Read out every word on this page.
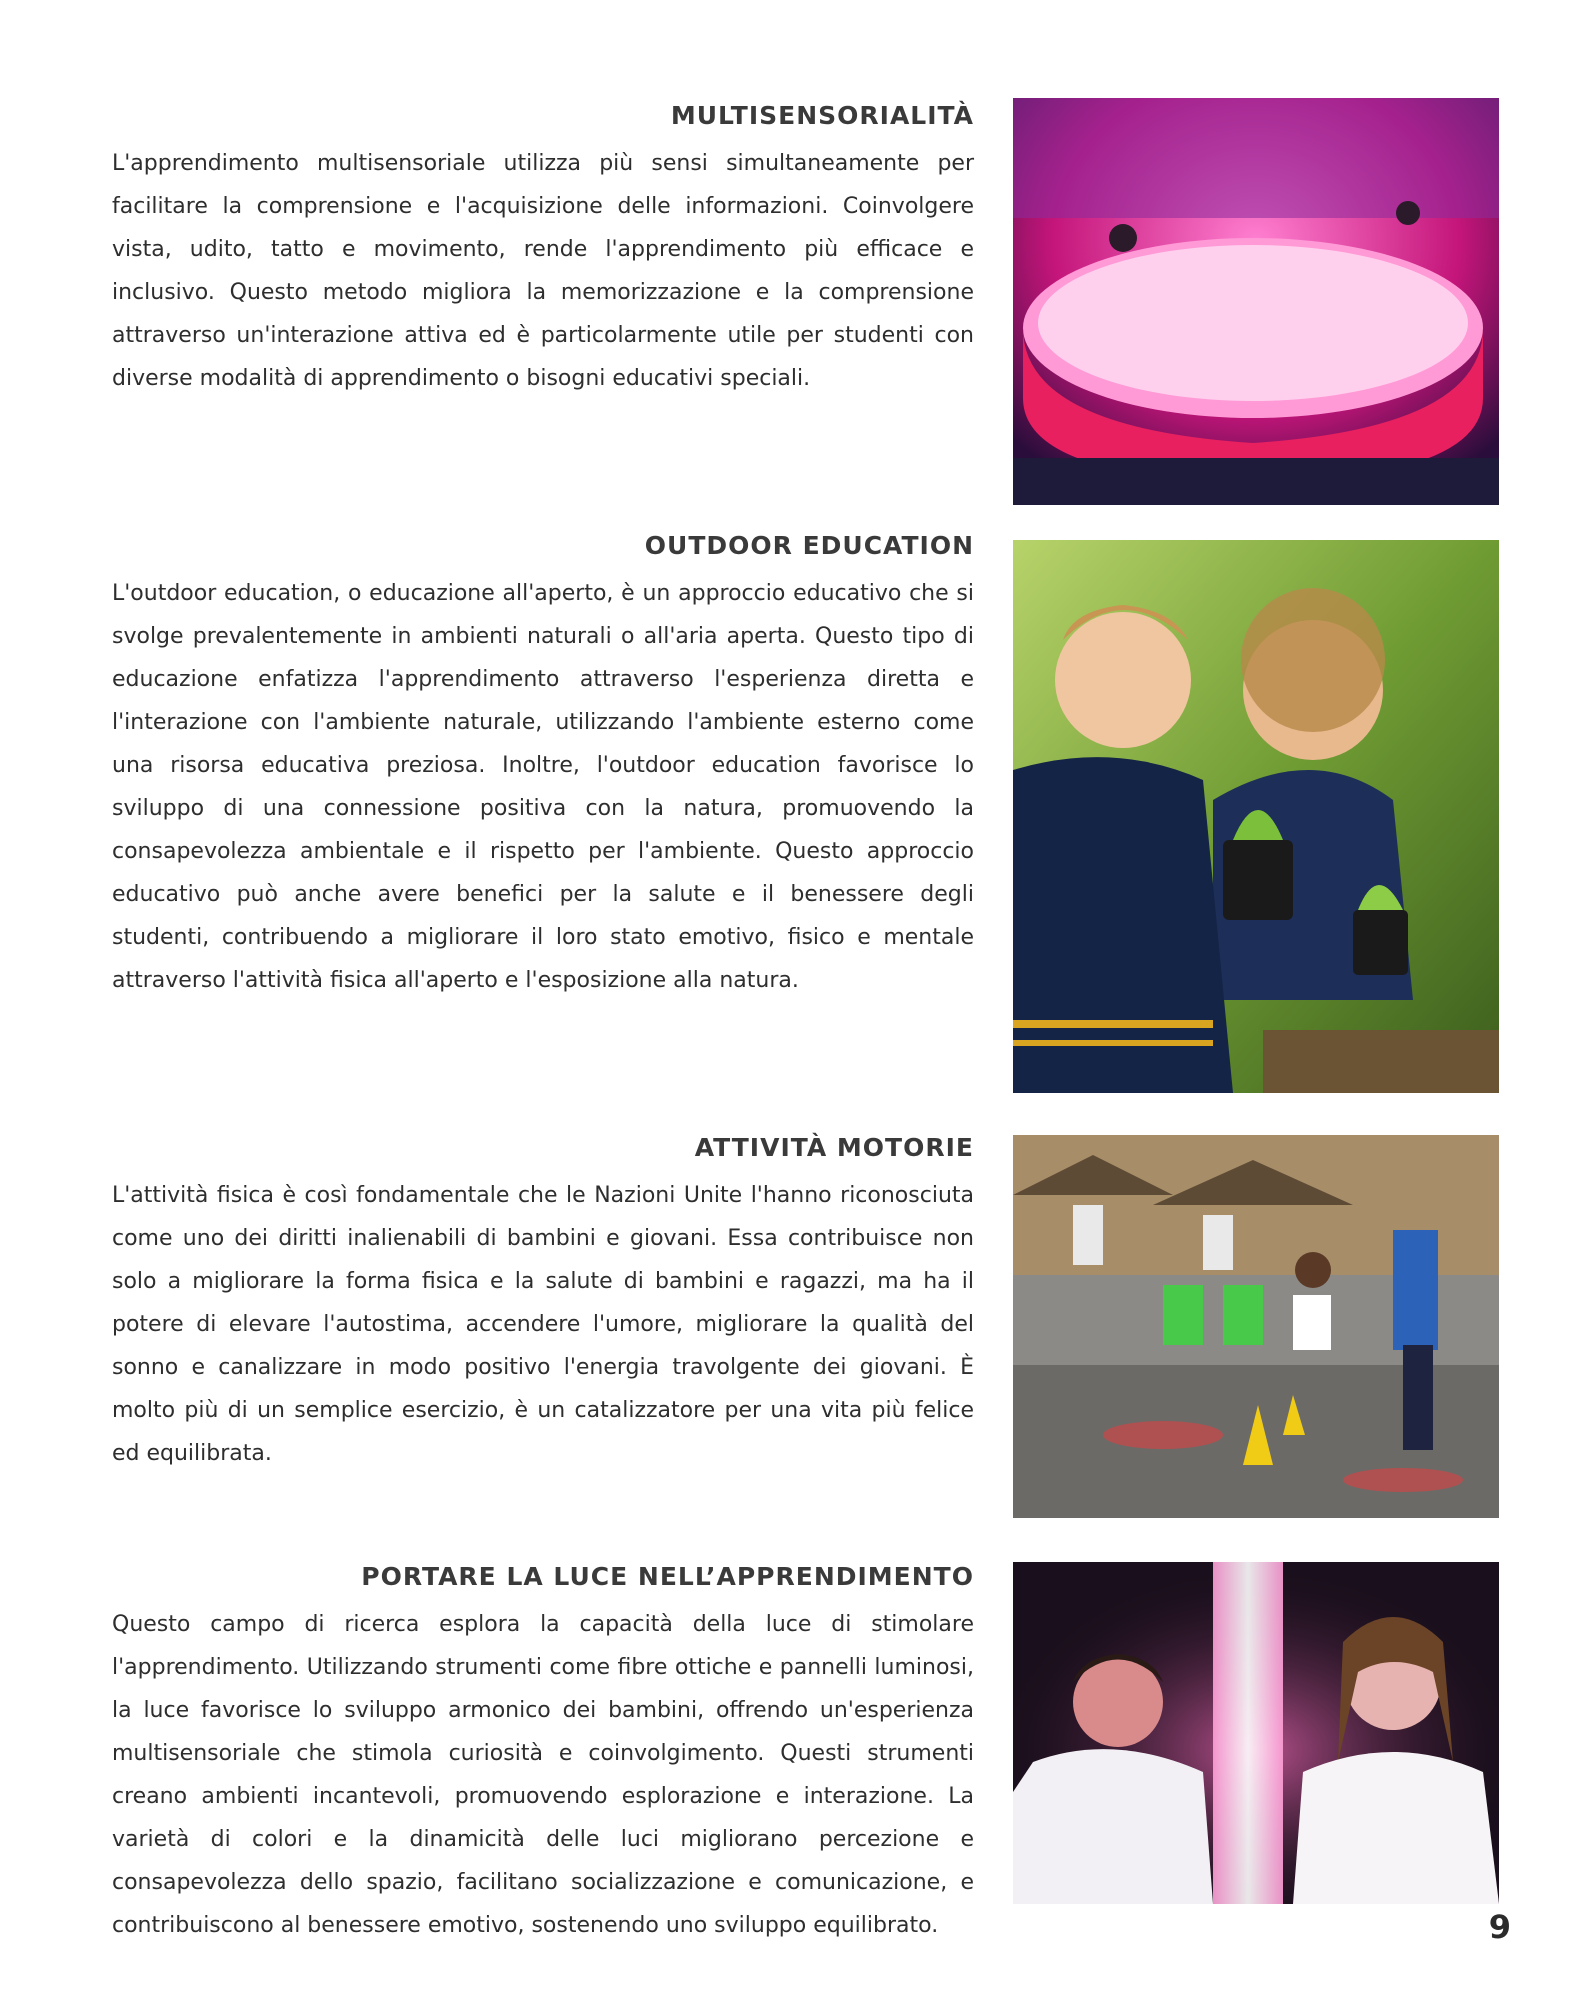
MULTISENSORIALITÀ

L'apprendimento multisensoriale utilizza più sensi simultaneamente per facilitare la comprensione e l'acquisizione delle informazioni. Coinvolgere vista, udito, tatto e movimento, rende l'apprendimento più efficace e inclusivo. Questo metodo migliora la memorizzazione e la comprensione attraverso un'interazione attiva ed è particolarmente utile per studenti con diverse modalità di apprendimento o bisogni educativi speciali.

OUTDOOR EDUCATION

L'outdoor education, o educazione all'aperto, è un approccio educativo che si svolge prevalentemente in ambienti naturali o all'aria aperta. Questo tipo di educazione enfatizza l'apprendimento attraverso l'esperienza diretta e l'interazione con l'ambiente naturale, utilizzando l'ambiente esterno come una risorsa educativa preziosa. Inoltre, l'outdoor education favorisce lo sviluppo di una connessione positiva con la natura, promuovendo la consapevolezza ambientale e il rispetto per l'ambiente. Questo approccio educativo può anche avere benefici per la salute e il benessere degli studenti, contribuendo a migliorare il loro stato emotivo, fisico e mentale attraverso l'attività fisica all'aperto e l'esposizione alla natura.

ATTIVITÀ MOTORIE

L'attività fisica è così fondamentale che le Nazioni Unite l'hanno riconosciuta come uno dei diritti inalienabili di bambini e giovani. Essa contribuisce non solo a migliorare la forma fisica e la salute di bambini e ragazzi, ma ha il potere di elevare l'autostima, accendere l'umore, migliorare la qualità del sonno e canalizzare in modo positivo l'energia travolgente dei giovani. È molto più di un semplice esercizio, è un catalizzatore per una vita più felice ed equilibrata.

PORTARE LA LUCE NELL’APPRENDIMENTO

Questo campo di ricerca esplora la capacità della luce di stimolare l'apprendimento. Utilizzando strumenti come fibre ottiche e pannelli luminosi, la luce favorisce lo sviluppo armonico dei bambini, offrendo un'esperienza multisensoriale che stimola curiosità e coinvolgimento. Questi strumenti creano ambienti incantevoli, promuovendo esplorazione e interazione. La varietà di colori e la dinamicità delle luci migliorano percezione e consapevolezza dello spazio, facilitano socializzazione e comunicazione, e contribuiscono al benessere emotivo, sostenendo uno sviluppo equilibrato.	9
